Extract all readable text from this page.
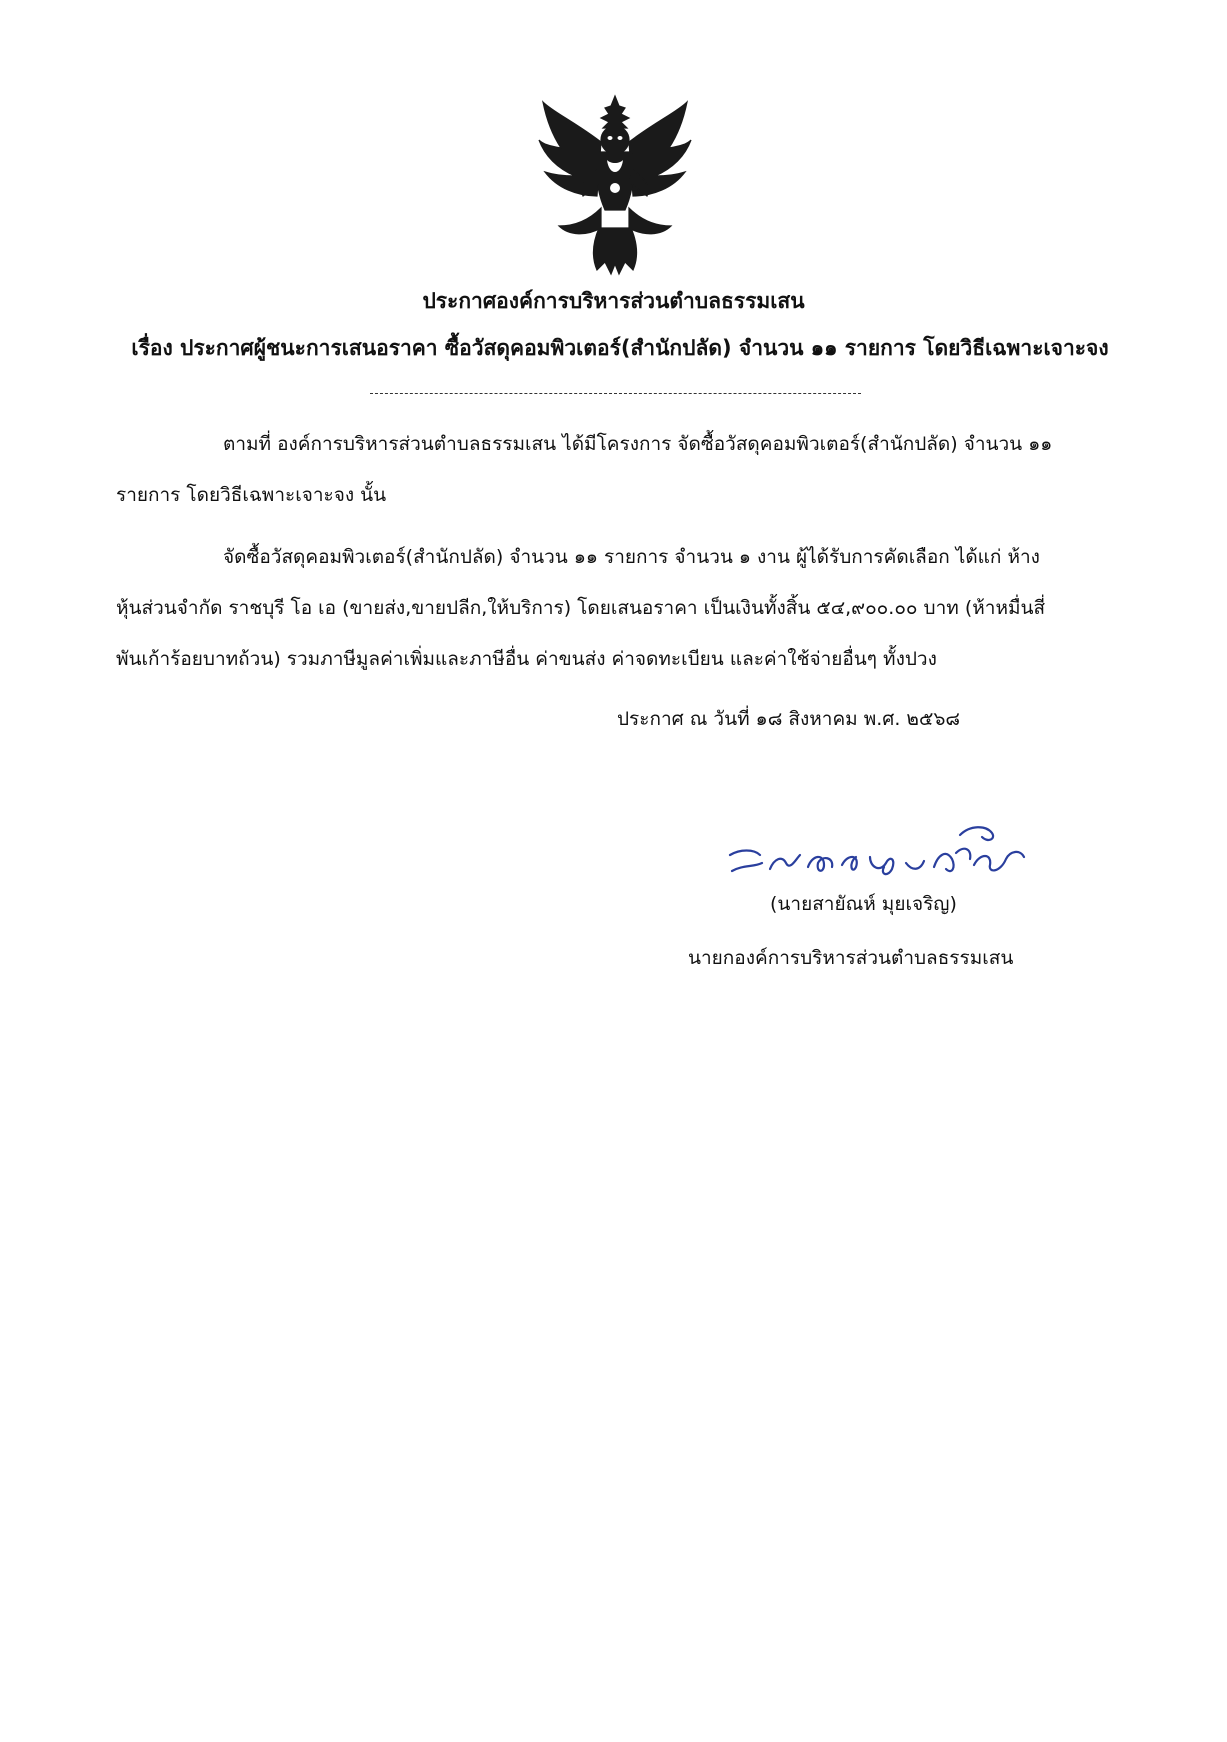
ประกาศองค์การบริหารส่วนตำบลธรรมเสน
เรื่อง ประกาศผู้ชนะการเสนอราคา ซื้อวัสดุคอมพิวเตอร์(สำนักปลัด) จำนวน ๑๑ รายการ โดยวิธีเฉพาะเจาะจง
ตามที่ องค์การบริหารส่วนตำบลธรรมเสน ได้มีโครงการ จัดซื้อวัสดุคอมพิวเตอร์(สำนักปลัด) จำนวน ๑๑
รายการ โดยวิธีเฉพาะเจาะจง นั้น
จัดซื้อวัสดุคอมพิวเตอร์(สำนักปลัด) จำนวน ๑๑ รายการ จำนวน ๑ งาน ผู้ได้รับการคัดเลือก ได้แก่ ห้าง
หุ้นส่วนจำกัด ราชบุรี โอ เอ (ขายส่ง,ขายปลีก,ให้บริการ) โดยเสนอราคา เป็นเงินทั้งสิ้น ๕๔,๙๐๐.๐๐ บาท (ห้าหมื่นสี่
พันเก้าร้อยบาทถ้วน) รวมภาษีมูลค่าเพิ่มและภาษีอื่น ค่าขนส่ง ค่าจดทะเบียน และค่าใช้จ่ายอื่นๆ ทั้งปวง
ประกาศ ณ วันที่ ๑๘ สิงหาคม พ.ศ. ๒๕๖๘
(นายสายัณห์ มุยเจริญ)
นายกองค์การบริหารส่วนตำบลธรรมเสน
